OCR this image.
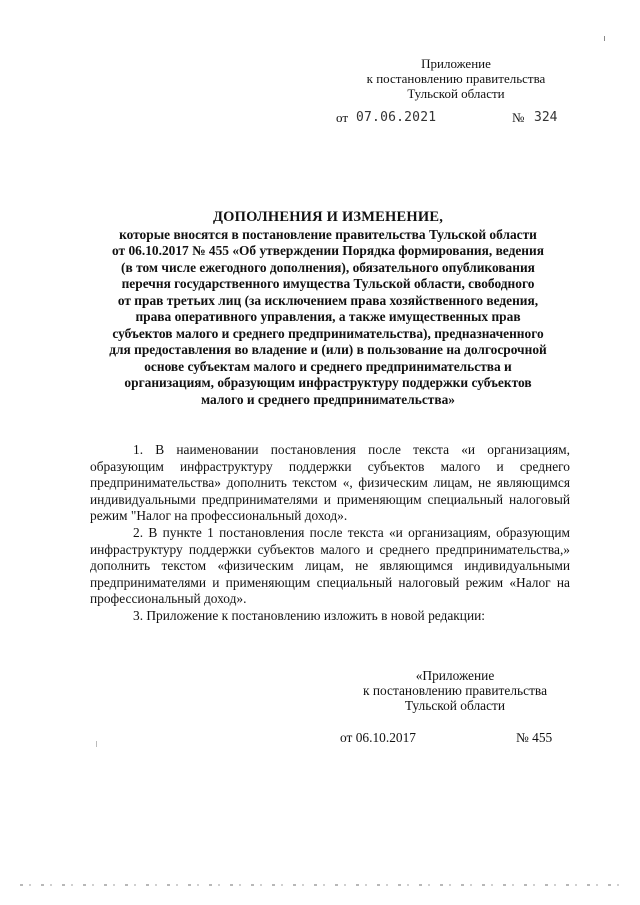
Приложение
к постановлению правительства
Тульской области
от 07.06.2021	№ 324
ДОПОЛНЕНИЯ И ИЗМЕНЕНИЕ,
которые вносятся в постановление правительства Тульской области
от 06.10.2017 № 455 «Об утверждении Порядка формирования, ведения
(в том числе ежегодного дополнения), обязательного опубликования
перечня государственного имущества Тульской области, свободного
от прав третьих лиц (за исключением права хозяйственного ведения,
права оперативного управления, а также имущественных прав
субъектов малого и среднего предпринимательства), предназначенного
для предоставления во владение и (или) в пользование на долгосрочной
основе субъектам малого и среднего предпринимательства и
организациям, образующим инфраструктуру поддержки субъектов
малого и среднего предпринимательства»

1. В наименовании постановления после текста «и организациям, образующим инфраструктуру поддержки субъектов малого и среднего предпринимательства» дополнить текстом «, физическим лицам, не являющимся индивидуальными предпринимателями и применяющим специальный налоговый режим "Налог на профессиональный доход».

2. В пункте 1 постановления после текста «и организациям, образующим инфраструктуру поддержки субъектов малого и среднего предпринимательства,» дополнить текстом «физическим лицам, не являющимся индивидуальными предпринимателями и применяющим специальный налоговый режим «Налог на профессиональный доход».

3. Приложение к постановлению изложить в новой редакции:

«Приложение
к постановлению правительства
Тульской области
от 06.10.2017	№ 455
